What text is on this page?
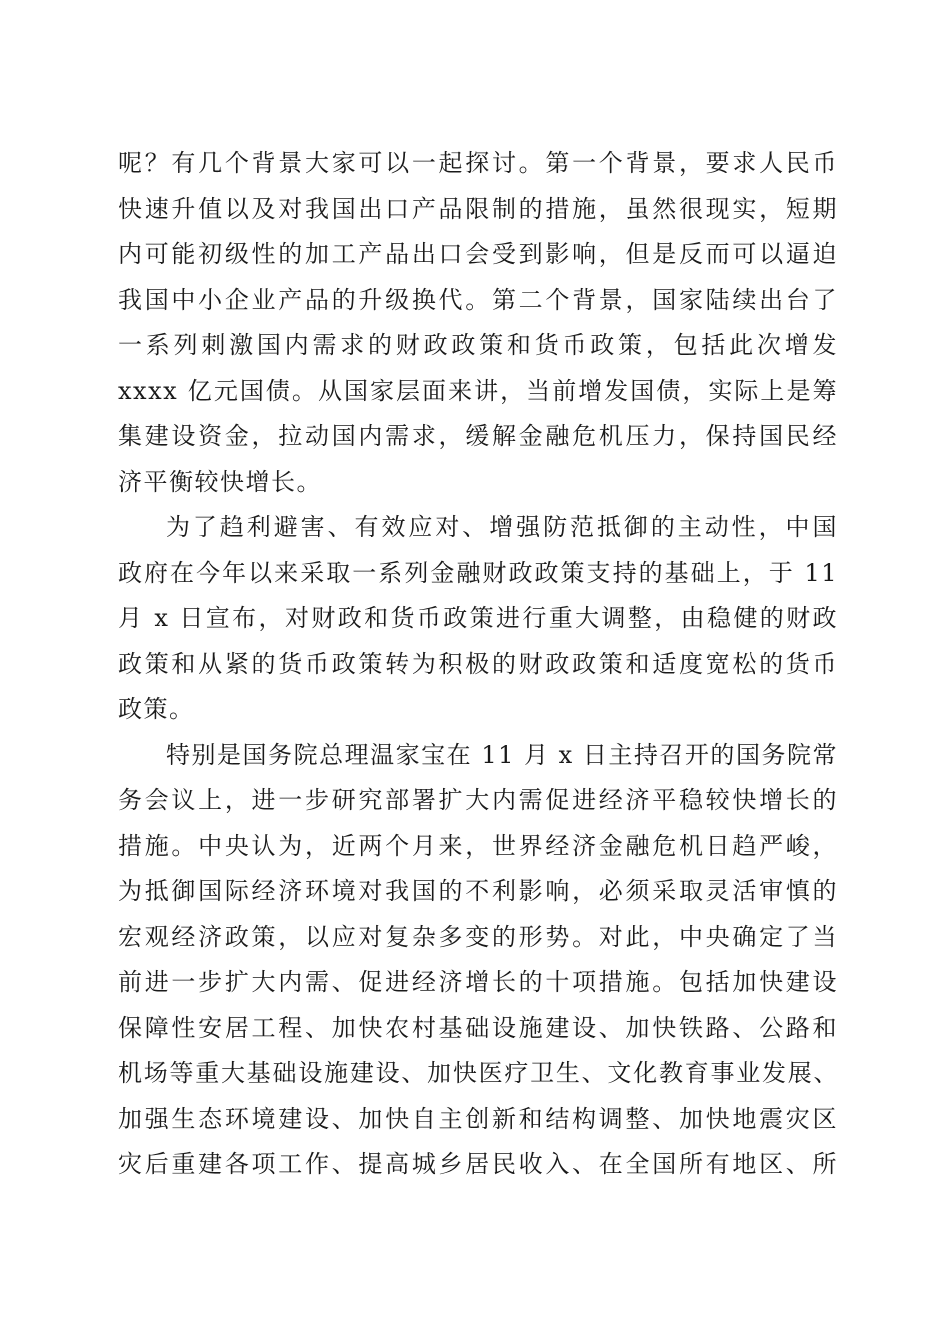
呢？有几个背景大家可以一起探讨。第一个背景，要求人民币
快速升值以及对我国出口产品限制的措施，虽然很现实，短期
内可能初级性的加工产品出口会受到影响，但是反而可以逼迫
我国中小企业产品的升级换代。第二个背景，国家陆续出台了
一系列刺激国内需求的财政政策和货币政策，包括此次增发
xxxx 亿元国债。从国家层面来讲，当前增发国债，实际上是筹
集建设资金，拉动国内需求，缓解金融危机压力，保持国民经
济平衡较快增长。
为了趋利避害、有效应对、增强防范抵御的主动性，中国
政府在今年以来采取一系列金融财政政策支持的基础上，于 11
月 x 日宣布，对财政和货币政策进行重大调整，由稳健的财政
政策和从紧的货币政策转为积极的财政政策和适度宽松的货币
政策。
特别是国务院总理温家宝在 11 月 x 日主持召开的国务院常
务会议上，进一步研究部署扩大内需促进经济平稳较快增长的
措施。中央认为，近两个月来，世界经济金融危机日趋严峻，
为抵御国际经济环境对我国的不利影响，必须采取灵活审慎的
宏观经济政策，以应对复杂多变的形势。对此，中央确定了当
前进一步扩大内需、促进经济增长的十项措施。包括加快建设
保障性安居工程、加快农村基础设施建设、加快铁路、公路和
机场等重大基础设施建设、加快医疗卫生、文化教育事业发展、
加强生态环境建设、加快自主创新和结构调整、加快地震灾区
灾后重建各项工作、提高城乡居民收入、在全国所有地区、所
